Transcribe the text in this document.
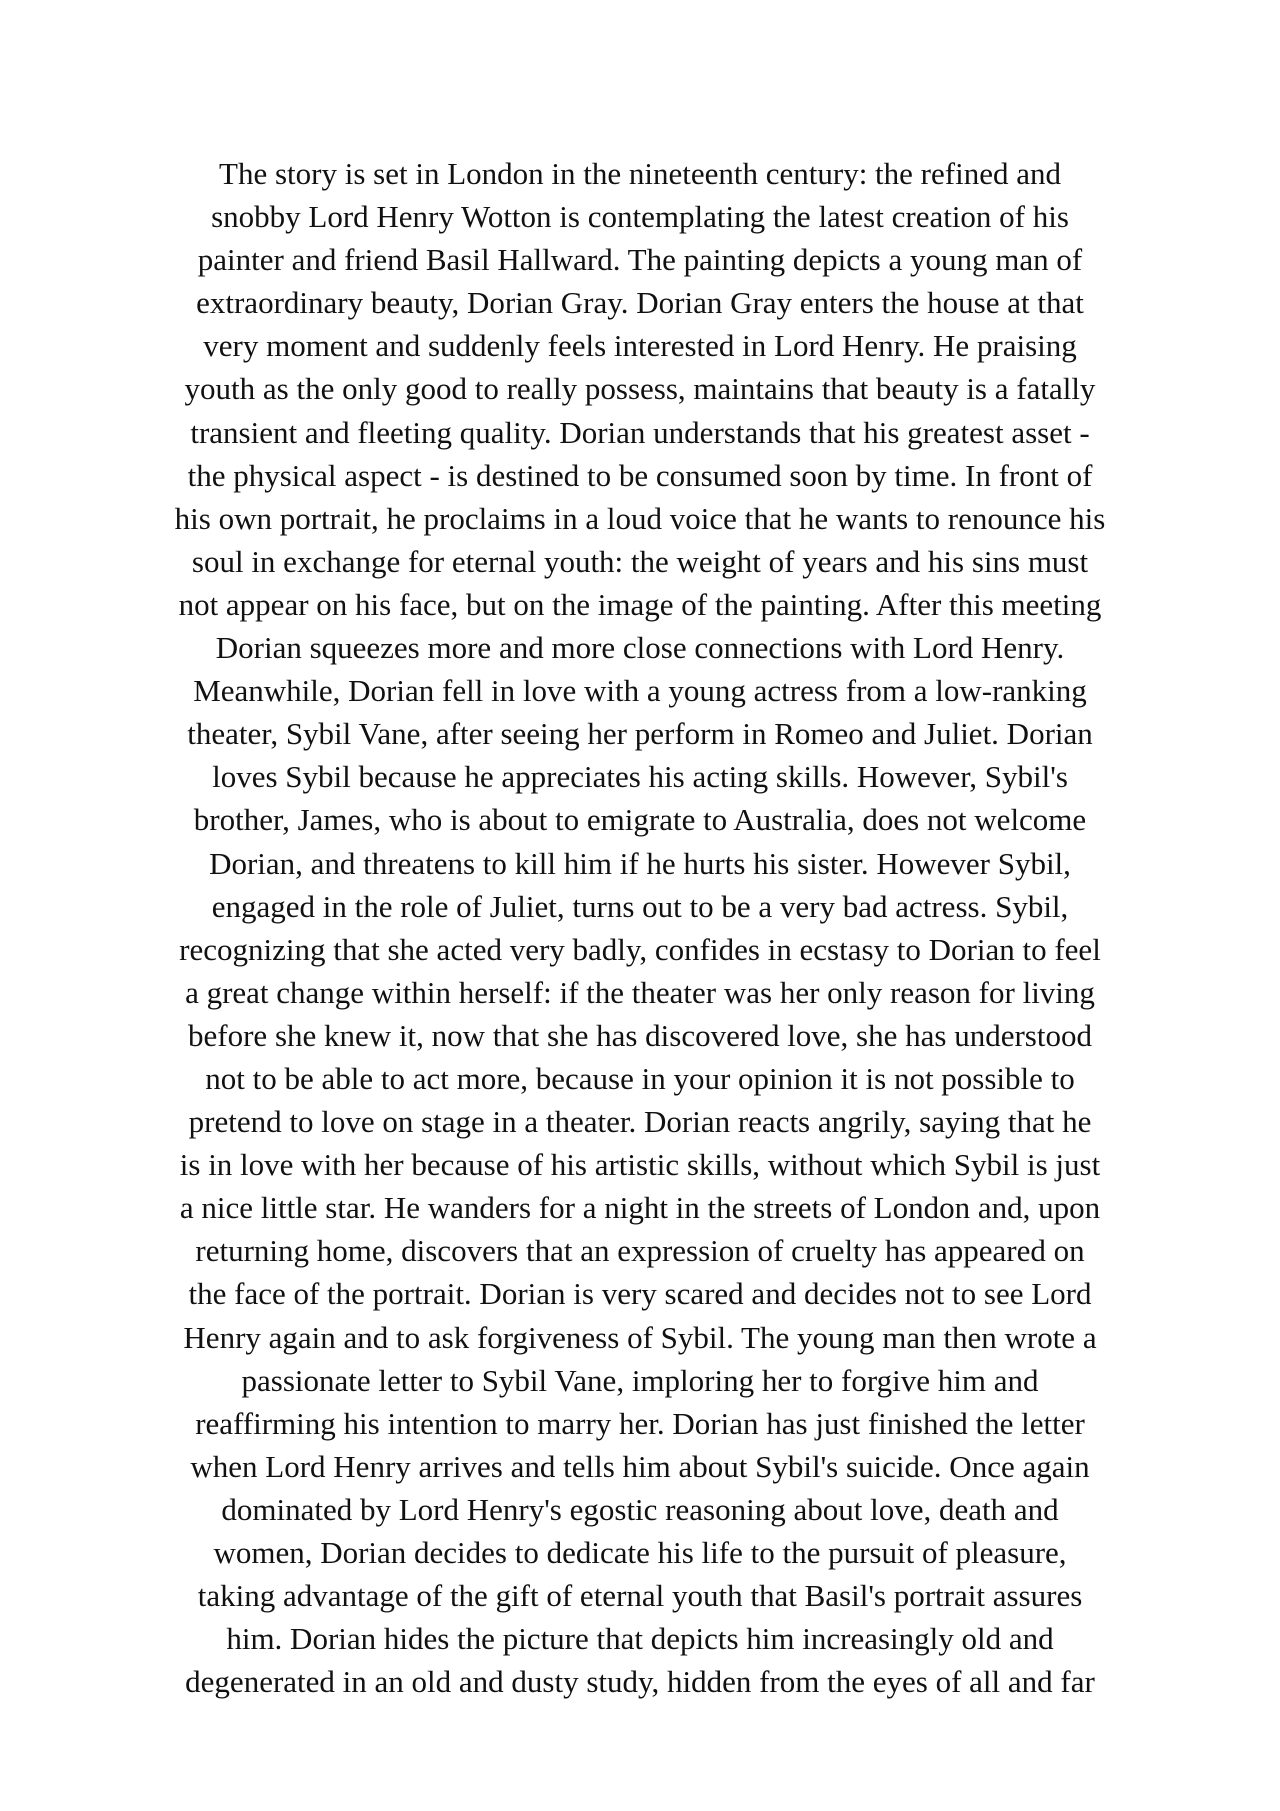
The story is set in London in the nineteenth century: the refined and
snobby Lord Henry Wotton is contemplating the latest creation of his
painter and friend Basil Hallward. The painting depicts a young man of
extraordinary beauty, Dorian Gray. Dorian Gray enters the house at that
very moment and suddenly feels interested in Lord Henry. He praising
youth as the only good to really possess, maintains that beauty is a fatally
transient and fleeting quality. Dorian understands that his greatest asset -
the physical aspect - is destined to be consumed soon by time. In front of
his own portrait, he proclaims in a loud voice that he wants to renounce his
soul in exchange for eternal youth: the weight of years and his sins must
not appear on his face, but on the image of the painting. After this meeting
Dorian squeezes more and more close connections with Lord Henry.
Meanwhile, Dorian fell in love with a young actress from a low-ranking
theater, Sybil Vane, after seeing her perform in Romeo and Juliet. Dorian
loves Sybil because he appreciates his acting skills. However, Sybil's
brother, James, who is about to emigrate to Australia, does not welcome
Dorian, and threatens to kill him if he hurts his sister. However Sybil,
engaged in the role of Juliet, turns out to be a very bad actress. Sybil,
recognizing that she acted very badly, confides in ecstasy to Dorian to feel
a great change within herself: if the theater was her only reason for living
before she knew it, now that she has discovered love, she has understood
not to be able to act more, because in your opinion it is not possible to
pretend to love on stage in a theater. Dorian reacts angrily, saying that he
is in love with her because of his artistic skills, without which Sybil is just
a nice little star. He wanders for a night in the streets of London and, upon
returning home, discovers that an expression of cruelty has appeared on
the face of the portrait. Dorian is very scared and decides not to see Lord
Henry again and to ask forgiveness of Sybil. The young man then wrote a
passionate letter to Sybil Vane, imploring her to forgive him and
reaffirming his intention to marry her. Dorian has just finished the letter
when Lord Henry arrives and tells him about Sybil's suicide. Once again
dominated by Lord Henry's egostic reasoning about love, death and
women, Dorian decides to dedicate his life to the pursuit of pleasure,
taking advantage of the gift of eternal youth that Basil's portrait assures
him. Dorian hides the picture that depicts him increasingly old and
degenerated in an old and dusty study, hidden from the eyes of all and far
